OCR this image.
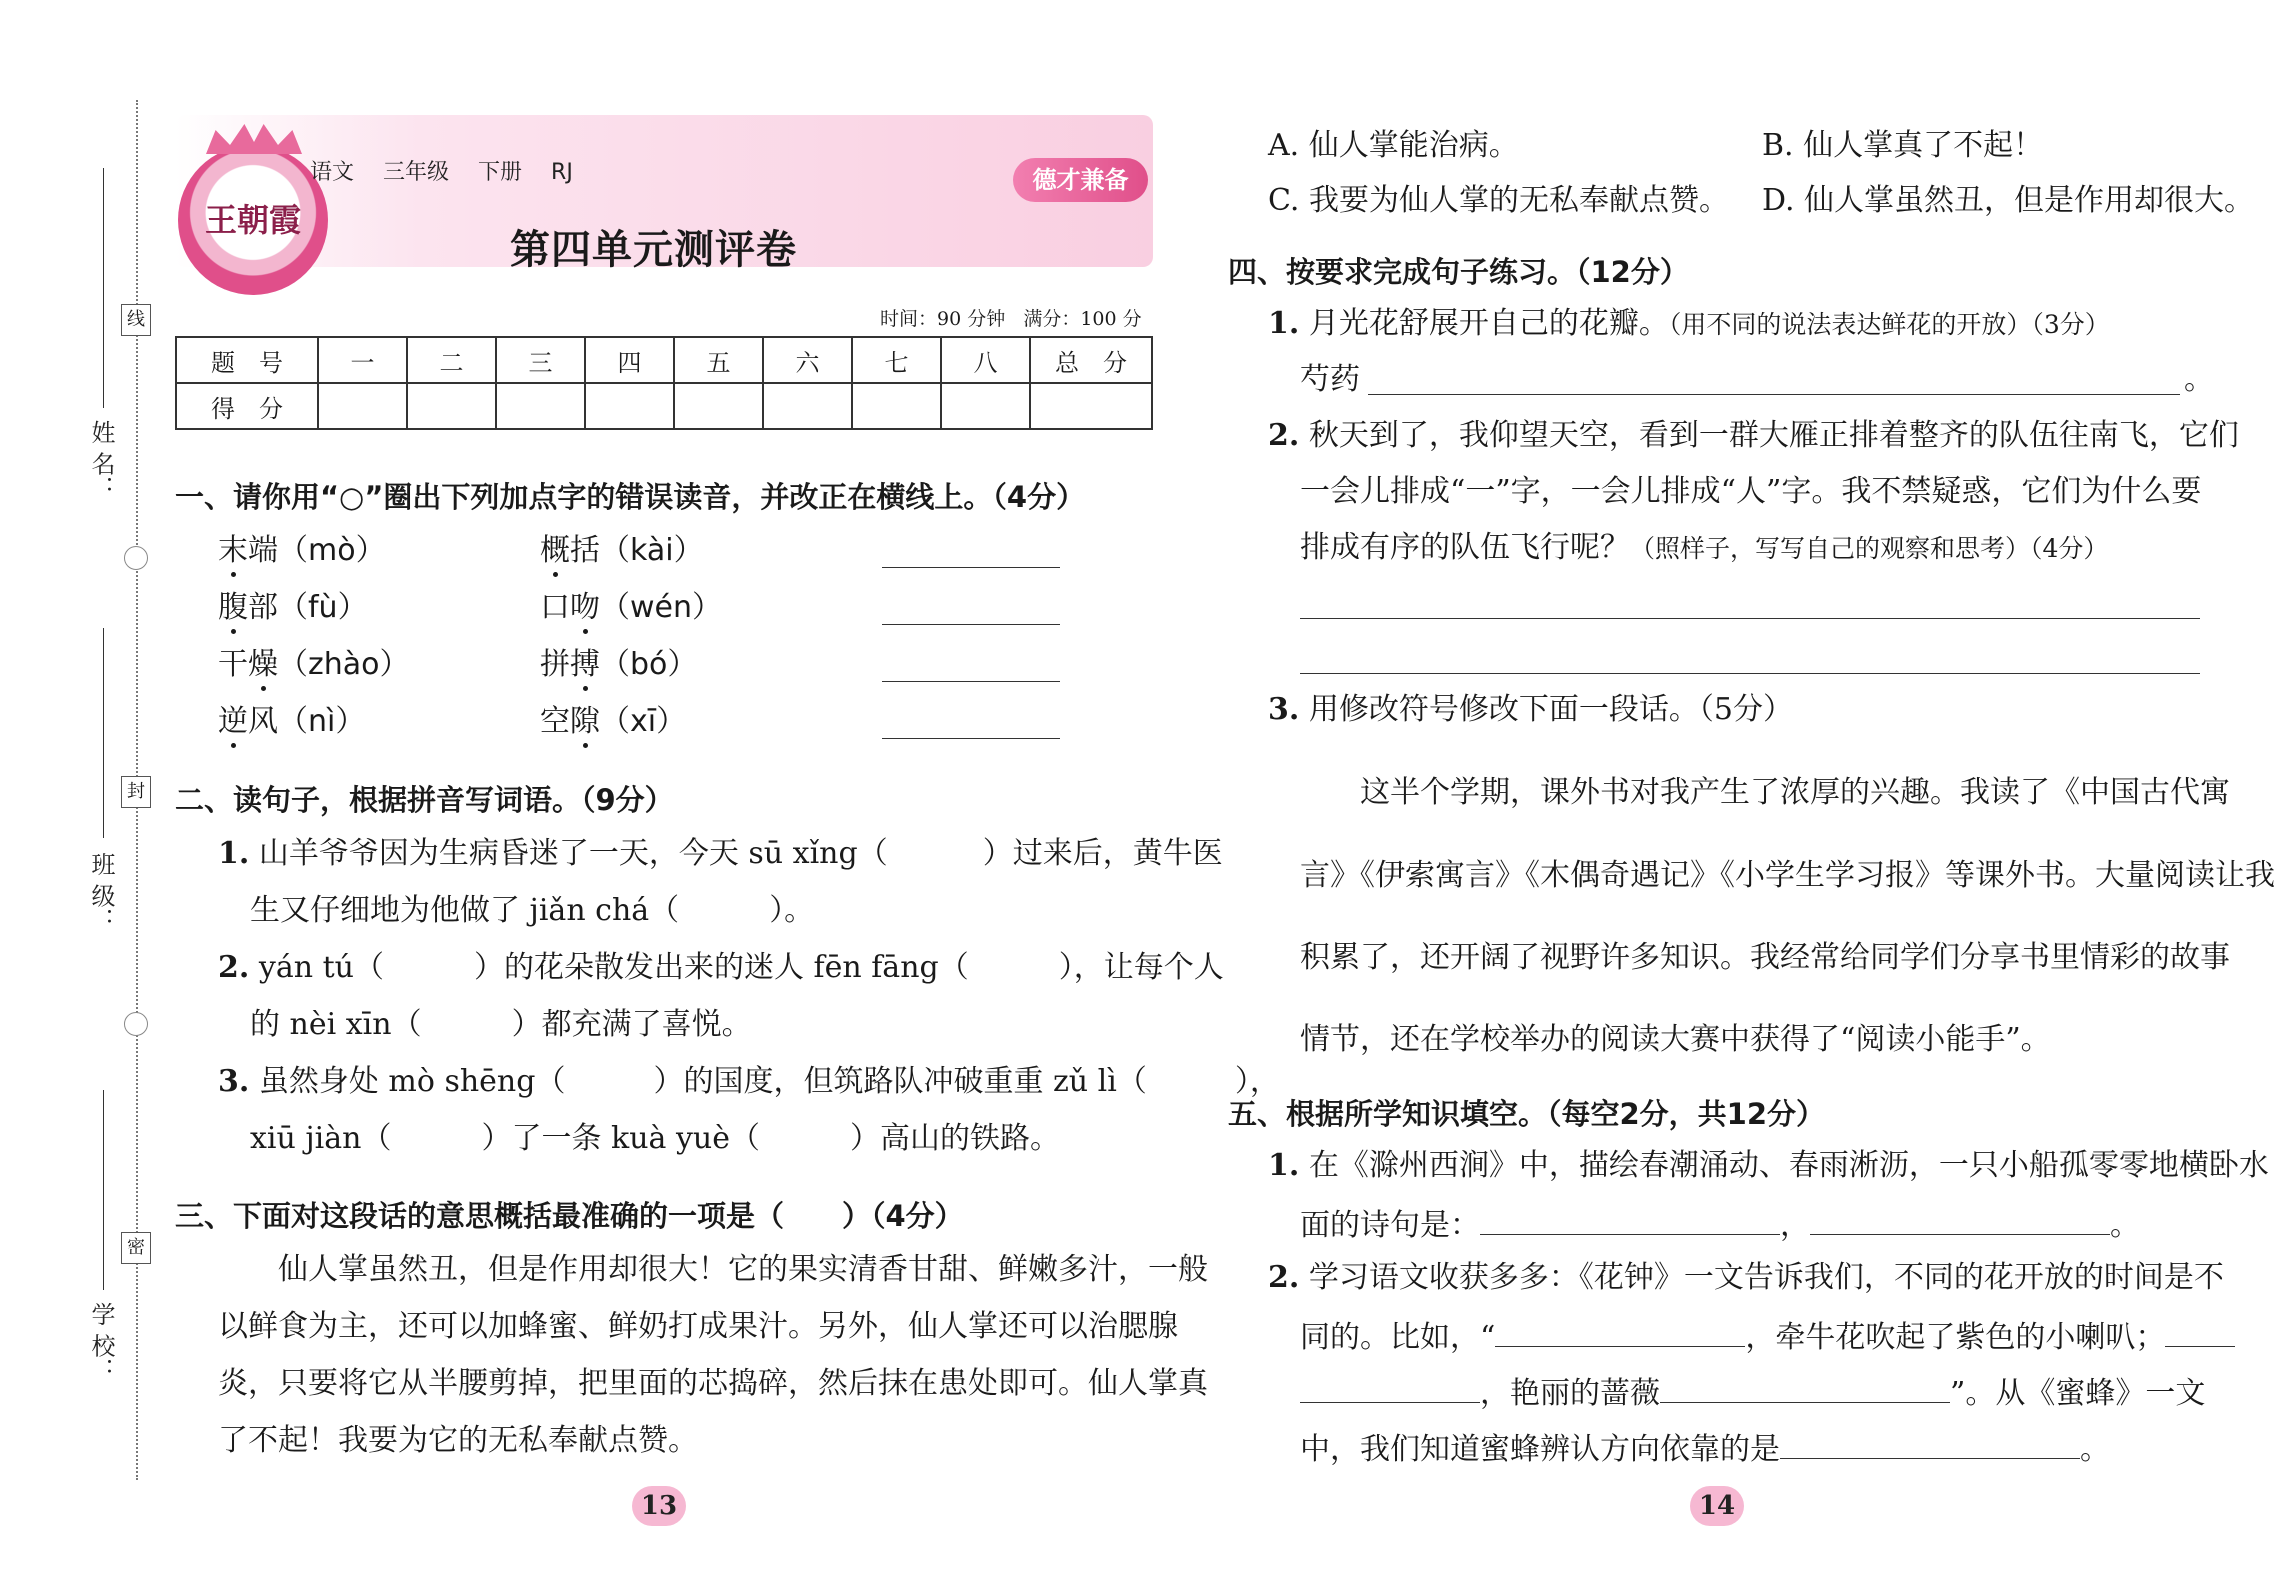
姓 名：
线
班 级：
封
学 校：
密
王朝霞
语文 三年级 下册 RJ	德才兼备
第四单元测评卷
时间：90 分钟 满分：100 分
题　号	一	二	三	四	五	六	七	八	总　分
得　分									
一、请你用“○”圈出下列加点字的错误读音，并改正在横线上。（4分）
末端（mò）	概括（kài）
腹部（fù）	口吻（wén）
干燥（zhào）	拼搏（bó）
逆风（nì）	空隙（xī）
二、读句子，根据拼音写词语。（9分）
1. 山羊爷爷因为生病昏迷了一天，今天 sū xǐng（	）过来后，黄牛医
生又仔细地为他做了 jiǎn chá（	）。
2. yán tú（	）的花朵散发出来的迷人 fēn fāng（	），让每个人
的 nèi xīn（	）都充满了喜悦。
3. 虽然身处 mò shēng（	）的国度，但筑路队冲破重重 zǔ lì（	），
xiū jiàn（	）了一条 kuà yuè（	）高山的铁路。
三、下面对这段话的意思概括最准确的一项是（　　）（4分）
仙人掌虽然丑，但是作用却很大！它的果实清香甘甜、鲜嫩多汁，一般
以鲜食为主，还可以加蜂蜜、鲜奶打成果汁。另外，仙人掌还可以治腮腺
炎，只要将它从半腰剪掉，把里面的芯捣碎，然后抹在患处即可。仙人掌真
了不起！我要为它的无私奉献点赞。
13
A. 仙人掌能治病。	B. 仙人掌真了不起！
C. 我要为仙人掌的无私奉献点赞。 D. 仙人掌虽然丑，但是作用却很大。
四、按要求完成句子练习。（12分）
1. 月光花舒展开自己的花瓣。（用不同的说法表达鲜花的开放）（3分）
芍药	。
2. 秋天到了，我仰望天空，看到一群大雁正排着整齐的队伍往南飞，它们
一会儿排成“一”字，一会儿排成“人”字。我不禁疑惑，它们为什么要
排成有序的队伍飞行呢？（照样子，写写自己的观察和思考）（4分）
3. 用修改符号修改下面一段话。（5分）
这半个学期，课外书对我产生了浓厚的兴趣。我读了《中国古代寓
言》《伊索寓言》《木偶奇遇记》《小学生学习报》等课外书。大量阅读让我
积累了，还开阔了视野许多知识。我经常给同学们分享书里情彩的故事
情节，还在学校举办的阅读大赛中获得了“阅读小能手”。
五、根据所学知识填空。（每空2分，共12分）
1. 在《滁州西涧》中，描绘春潮涌动、春雨淅沥，一只小船孤零零地横卧水
面的诗句是：	，	。
2. 学习语文收获多多：《花钟》一文告诉我们，不同的花开放的时间是不
同的。比如，“	，牵牛花吹起了紫色的小喇叭；
，艳丽的蔷薇	”。从《蜜蜂》一文
中，我们知道蜜蜂辨认方向依靠的是	。
14
